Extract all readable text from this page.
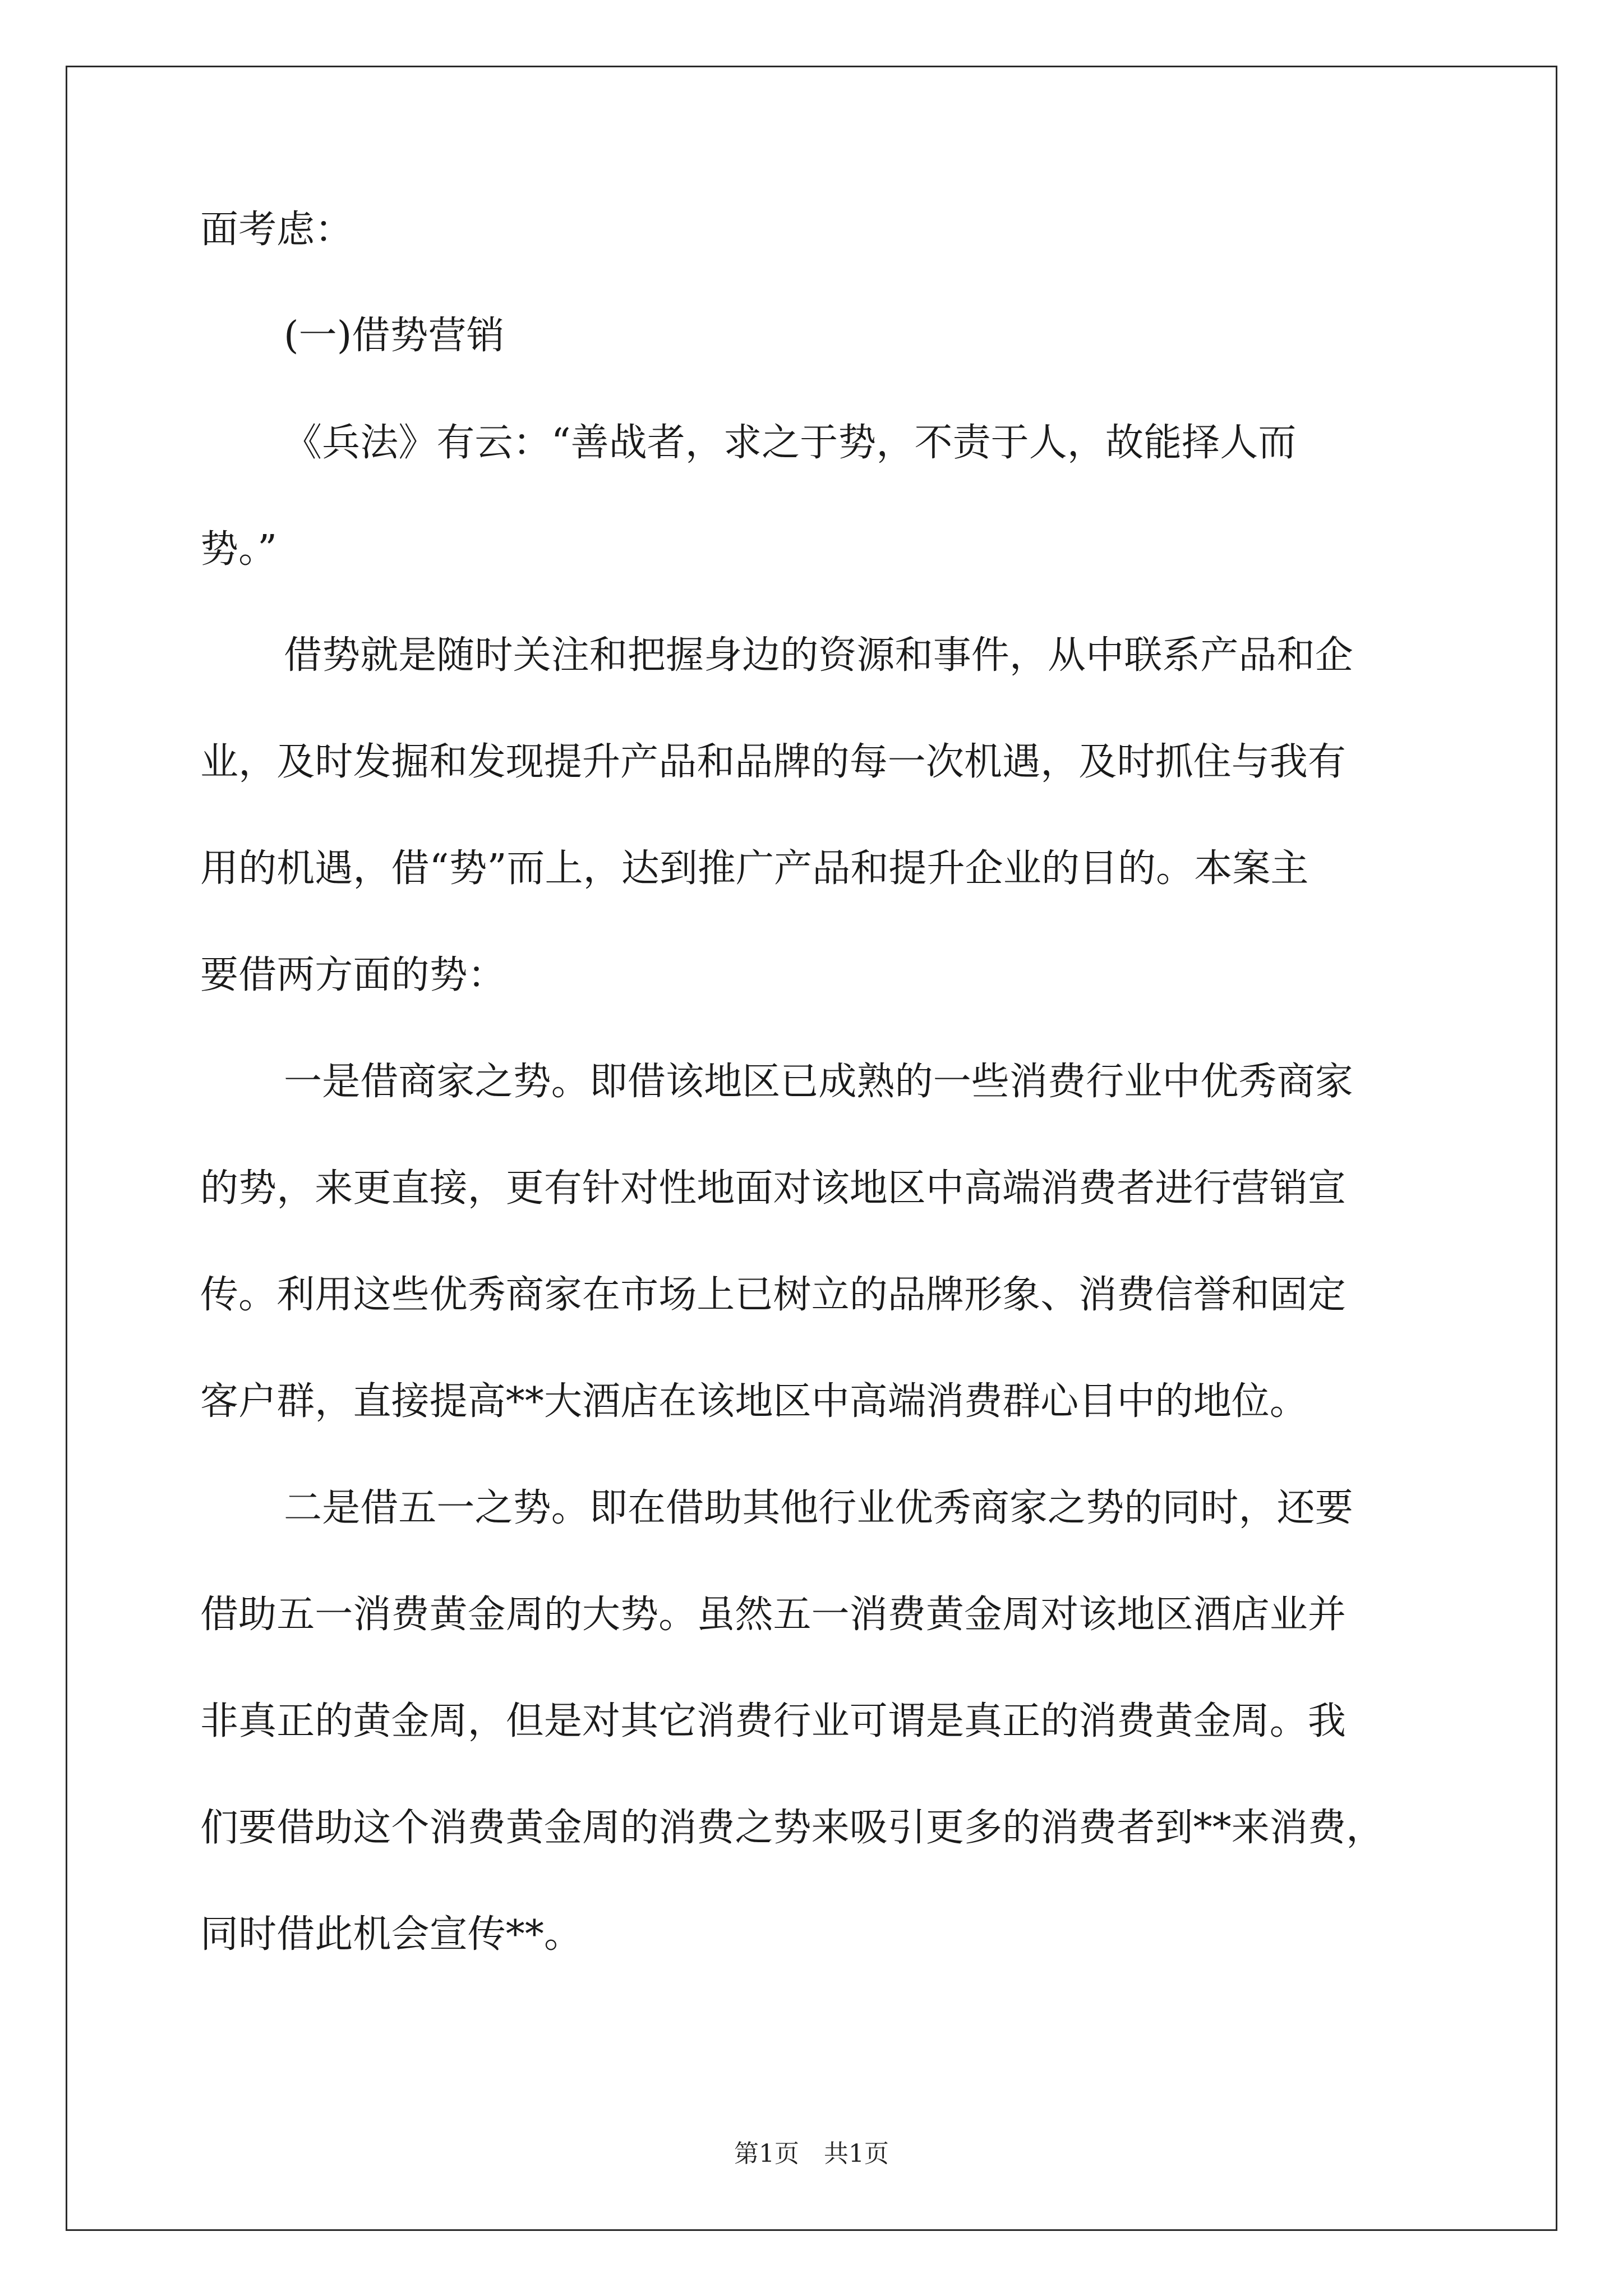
面考虑：
(一)借势营销
《兵法》有云：“善战者，求之于势，不责于人，故能择人而
势。”
借势就是随时关注和把握身边的资源和事件，从中联系产品和企
业，及时发掘和发现提升产品和品牌的每一次机遇，及时抓住与我有
用的机遇，借“势”而上，达到推广产品和提升企业的目的。本案主
要借两方面的势：
一是借商家之势。即借该地区已成熟的一些消费行业中优秀商家
的势，来更直接，更有针对性地面对该地区中高端消费者进行营销宣
传。利用这些优秀商家在市场上已树立的品牌形象、消费信誉和固定
客户群，直接提高**大酒店在该地区中高端消费群心目中的地位。
二是借五一之势。即在借助其他行业优秀商家之势的同时，还要
借助五一消费黄金周的大势。虽然五一消费黄金周对该地区酒店业并
非真正的黄金周，但是对其它消费行业可谓是真正的消费黄金周。我
们要借助这个消费黄金周的消费之势来吸引更多的消费者到**来消费，
同时借此机会宣传**。
第1页　共1页
